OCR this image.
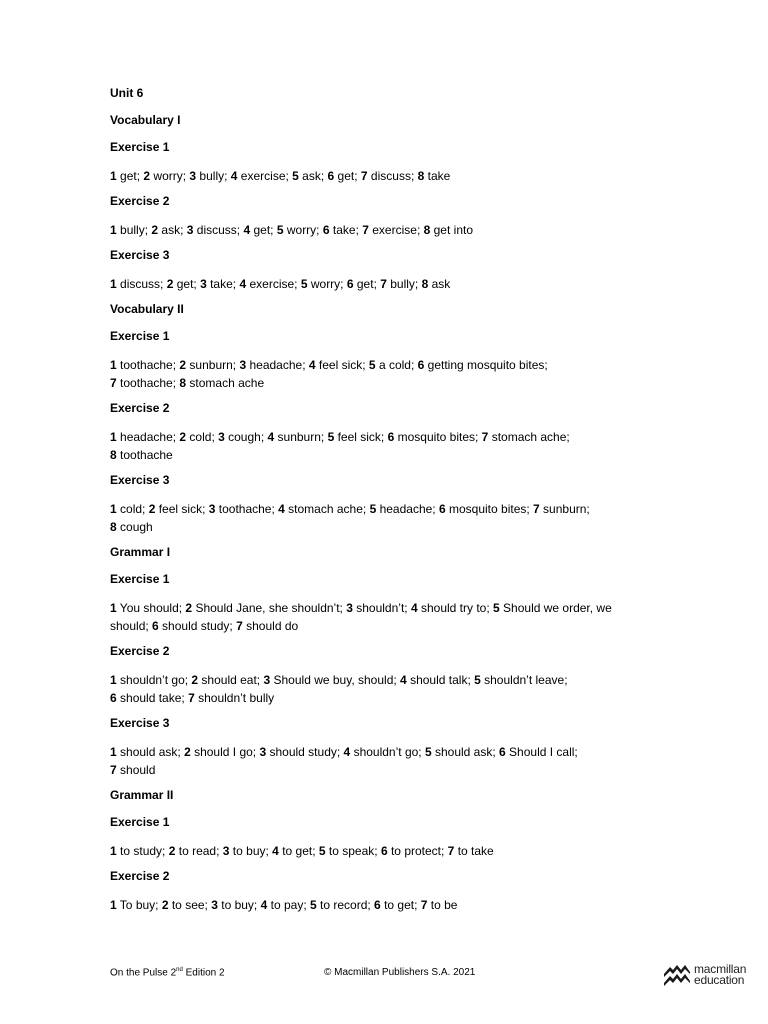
Unit 6
Vocabulary I
Exercise 1
1 get; 2 worry; 3 bully; 4 exercise; 5 ask; 6 get; 7 discuss; 8 take
Exercise 2
1 bully; 2 ask; 3 discuss; 4 get; 5 worry; 6 take; 7 exercise; 8 get into
Exercise 3
1 discuss; 2 get; 3 take; 4 exercise; 5 worry; 6 get; 7 bully; 8 ask
Vocabulary II
Exercise 1
1 toothache; 2 sunburn; 3 headache; 4 feel sick; 5 a cold; 6 getting mosquito bites;
7 toothache; 8 stomach ache
Exercise 2
1 headache; 2 cold; 3 cough; 4 sunburn; 5 feel sick; 6 mosquito bites; 7 stomach ache;
8 toothache
Exercise 3
1 cold; 2 feel sick; 3 toothache; 4 stomach ache; 5 headache; 6 mosquito bites; 7 sunburn;
8 cough
Grammar I
Exercise 1
1 You should; 2 Should Jane, she shouldn’t; 3 shouldn’t; 4 should try to; 5 Should we order, we
should; 6 should study; 7 should do
Exercise 2
1 shouldn’t go; 2 should eat; 3 Should we buy, should; 4 should talk; 5 shouldn’t leave;
6 should take; 7 shouldn’t bully
Exercise 3
1 should ask; 2 should I go; 3 should study; 4 shouldn’t go; 5 should ask; 6 Should I call;
7 should
Grammar II
Exercise 1
1 to study; 2 to read; 3 to buy; 4 to get; 5 to speak; 6 to protect; 7 to take
Exercise 2
1 To buy; 2 to see; 3 to buy; 4 to pay; 5 to record; 6 to get; 7 to be
On the Pulse 2nd Edition 2	© Macmillan Publishers S.A. 2021	macmillan
education
